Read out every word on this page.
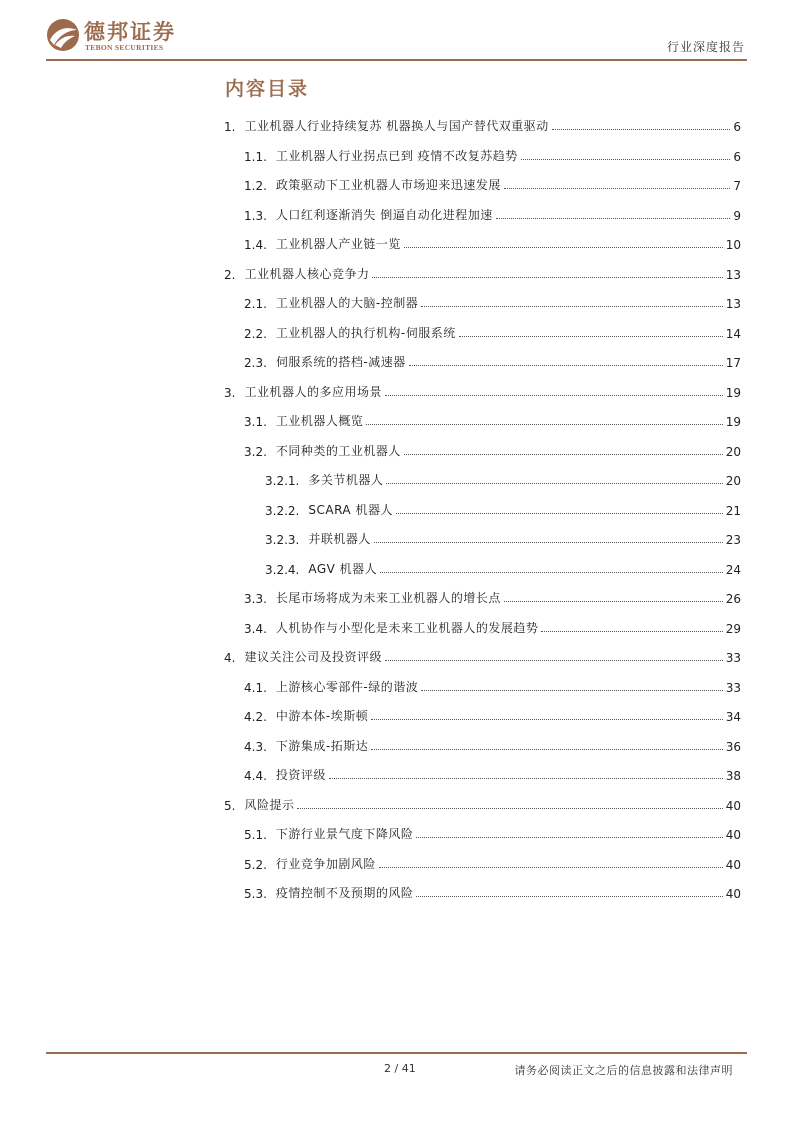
德邦证券
TEBON SECURITIES	行业深度报告
内容目录
1. 工业机器人行业持续复苏 机器换人与国产替代双重驱动	6
1.1. 工业机器人行业拐点已到 疫情不改复苏趋势	6
1.2. 政策驱动下工业机器人市场迎来迅速发展	7
1.3. 人口红利逐渐消失 倒逼自动化进程加速	9
1.4. 工业机器人产业链一览	10
2. 工业机器人核心竞争力	13
2.1. 工业机器人的大脑-控制器	13
2.2. 工业机器人的执行机构-伺服系统	14
2.3. 伺服系统的搭档-减速器	17
3. 工业机器人的多应用场景	19
3.1. 工业机器人概览	19
3.2. 不同种类的工业机器人	20
3.2.1. 多关节机器人	20
3.2.2. SCARA 机器人	21
3.2.3. 并联机器人	23
3.2.4. AGV 机器人	24
3.3. 长尾市场将成为未来工业机器人的增长点	26
3.4. 人机协作与小型化是未来工业机器人的发展趋势	29
4. 建议关注公司及投资评级	33
4.1. 上游核心零部件-绿的谐波	33
4.2. 中游本体-埃斯顿	34
4.3. 下游集成-拓斯达	36
4.4. 投资评级	38
5. 风险提示	40
5.1. 下游行业景气度下降风险	40
5.2. 行业竞争加剧风险	40
5.3. 疫情控制不及预期的风险	40
2 / 41	请务必阅读正文之后的信息披露和法律声明
